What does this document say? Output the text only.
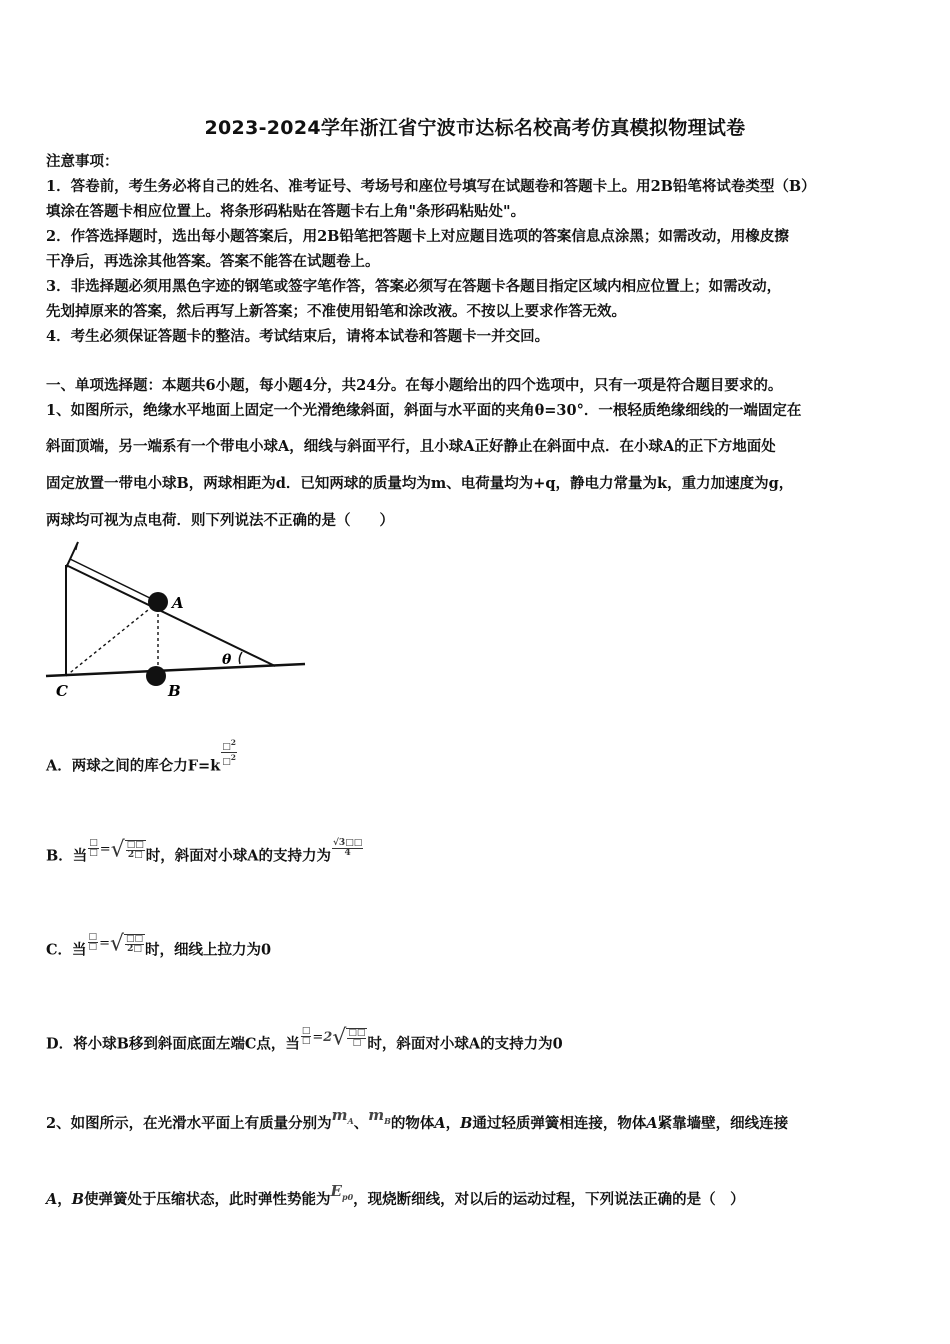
2023-2024学年浙江省宁波市达标名校高考仿真模拟物理试卷
注意事项：
1．答卷前，考生务必将自己的姓名、准考证号、考场号和座位号填写在试题卷和答题卡上。用2B铅笔将试卷类型（B）
填涂在答题卡相应位置上。将条形码粘贴在答题卡右上角"条形码粘贴处"。
2．作答选择题时，选出每小题答案后，用2B铅笔把答题卡上对应题目选项的答案信息点涂黑；如需改动，用橡皮擦
干净后，再选涂其他答案。答案不能答在试题卷上。
3．非选择题必须用黑色字迹的钢笔或签字笔作答，答案必须写在答题卡各题目指定区域内相应位置上；如需改动，
先划掉原来的答案，然后再写上新答案；不准使用铅笔和涂改液。不按以上要求作答无效。
4．考生必须保证答题卡的整洁。考试结束后，请将本试卷和答题卡一并交回。
一、单项选择题：本题共6小题，每小题4分，共24分。在每小题给出的四个选项中，只有一项是符合题目要求的。
1、如图所示，绝缘水平地面上固定一个光滑绝缘斜面，斜面与水平面的夹角θ=30°．一根轻质绝缘细线的一端固定在
斜面顶端，另一端系有一个带电小球A，细线与斜面平行，且小球A正好静止在斜面中点．在小球A的正下方地面处
固定放置一带电小球B，两球相距为d．已知两球的质量均为m、电荷量均为+q，静电力常量为k，重力加速度为g，
两球均可视为点电荷．则下列说法不正确的是（　　）
A
B
C
θ
A．两球之间的库仑力$F=k \frac{□^2}{□^2}$
B．当 $\frac{□}{□}$ =√ $\frac{□□}{2□}$ 时，斜面对小球A的支持力为 $\frac{√3□□}{4}$
C．当 $\frac{□}{□}$ =√ $\frac{□□}{2□}$ 时，细线上拉力为0
D．将小球B移到斜面底面左端C点，当 $\frac{□}{□} =2√ \frac{□□}{□}$ 时，斜面对小球A的支持力为0
2、如图所示，在光滑水平面上有质量分别为$m_A$、$m_B$的物体A，B通过轻质弹簧相连接，物体A紧靠墙壁，细线连接
A，B使弹簧处于压缩状态，此时弹性势能为$E_{p0}$，现烧断细线，对以后的运动过程，下列说法正确的是（　）
